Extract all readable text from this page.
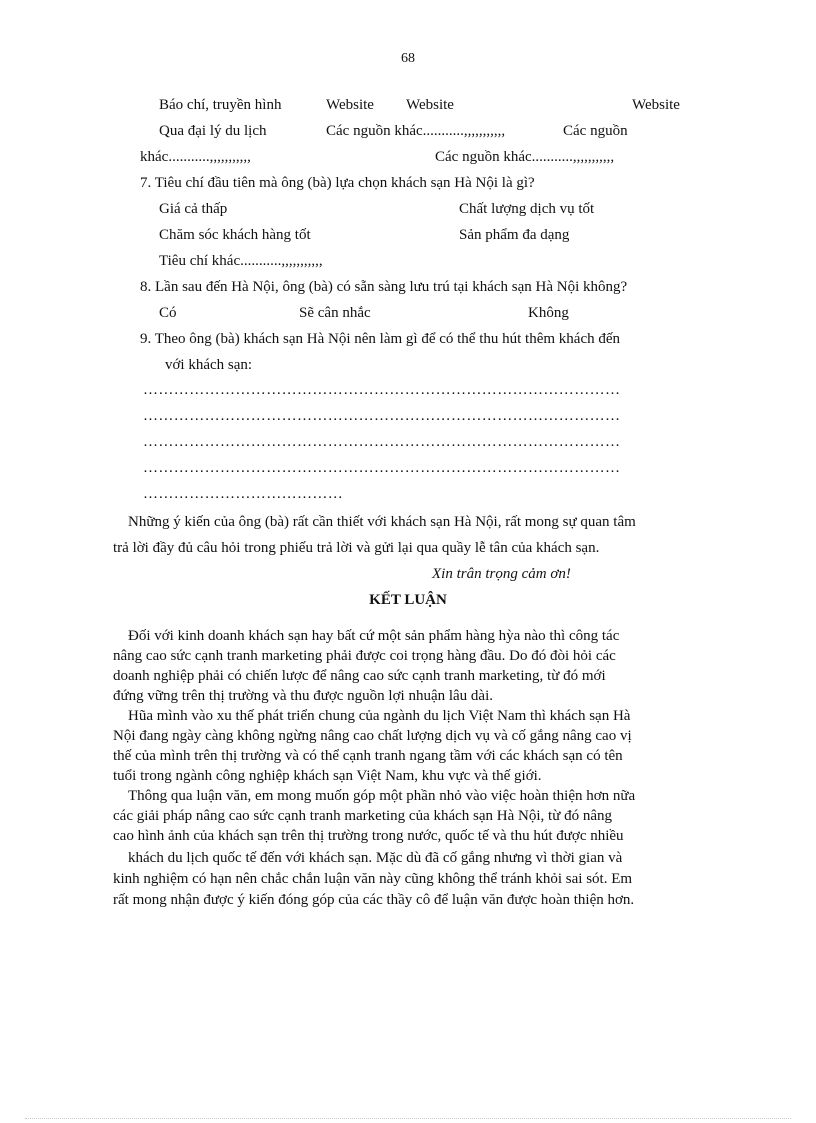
68
Báo chí, truyền hình	Website Website	Website
Qua đại lý du lịch	Các nguồn khác...........,,,,,,,,,,,	Các nguồn
khác...........,,,,,,,,,,,	Các nguồn khác...........,,,,,,,,,,,
7. Tiêu chí đầu tiên mà ông (bà) lựa chọn khách sạn Hà Nội là gì?
Giá cả thấp	Chất lượng dịch vụ tốt
Chăm sóc khách hàng tốt	Sản phẩm đa dạng
Tiêu chí khác...........,,,,,,,,,,,
8. Lần sau đến Hà Nội, ông (bà) có sẵn sàng lưu trú tại khách sạn Hà Nội không?
Có	Sẽ cân nhắc	Không
9. Theo ông (bà) khách sạn Hà Nội nên làm gì để có thể thu hút thêm khách đến
với khách sạn:
…………………………………………………………………………………
…………………………………………………………………………………
…………………………………………………………………………………
…………………………………………………………………………………
…………………………………
Những ý kiến của ông (bà) rất cần thiết với khách sạn Hà Nội, rất mong sự quan tâm
trả lời đầy đủ câu hỏi trong phiếu trả lời và gửi lại qua quầy lễ tân của khách sạn.
Xin trân trọng cảm ơn!
KẾT LUẬN
Đối với kinh doanh khách sạn hay bất cứ một sản phẩm hàng hỳa nào thì công tác
nâng cao sức cạnh tranh marketing phải được coi trọng hàng đầu. Do đó đòi hỏi các
doanh nghiệp phải có chiến lược để nâng cao sức cạnh tranh marketing, từ đó mới
đứng vững trên thị trường và thu được nguồn lợi nhuận lâu dài.
Hũa mình vào xu thế phát triển chung của ngành du lịch Việt Nam thì khách sạn Hà
Nội đang ngày càng không ngừng nâng cao chất lượng dịch vụ và cố gắng nâng cao vị
thế của mình trên thị trường và có thể cạnh tranh ngang tầm với các khách sạn có tên
tuổi trong ngành công nghiệp khách sạn Việt Nam, khu vực và thế giới.
Thông qua luận văn, em mong muốn góp một phần nhỏ vào việc hoàn thiện hơn nữa
các giải pháp nâng cao sức cạnh tranh marketing của khách sạn Hà Nội, từ đó nâng
cao hình ảnh của khách sạn trên thị trường trong nước, quốc tế và thu hút được nhiều
khách du lịch quốc tế đến với khách sạn. Mặc dù đã cố gắng nhưng vì thời gian và
kinh nghiệm có hạn nên chắc chắn luận văn này cũng không thể tránh khỏi sai sót. Em
rất mong nhận được ý kiến đóng góp của các thầy cô để luận văn được hoàn thiện hơn.
